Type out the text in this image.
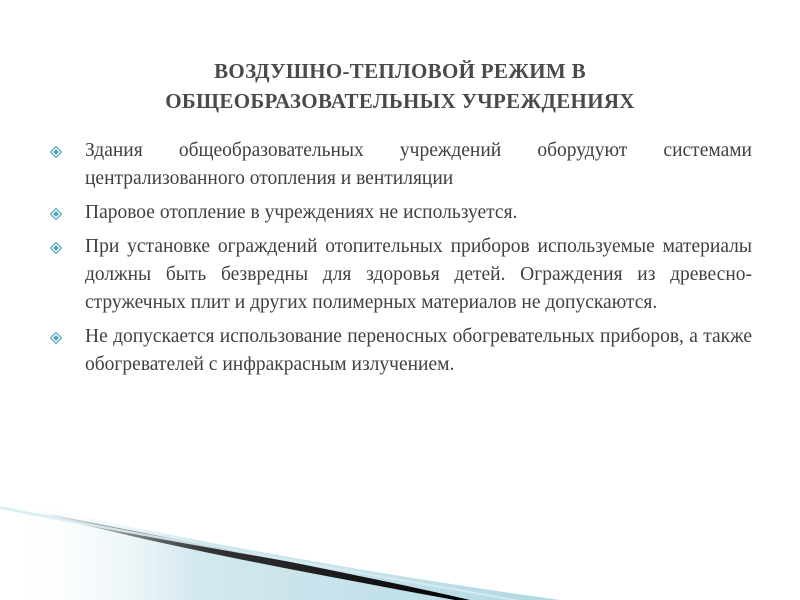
ВОЗДУШНО-ТЕПЛОВОЙ РЕЖИМ В
ОБЩЕОБРАЗОВАТЕЛЬНЫХ УЧРЕЖДЕНИЯХ
Здания общеобразовательных учреждений оборудуют системами централизованного отопления и вентиляции
Паровое отопление в учреждениях не используется.
При установке ограждений отопительных приборов используемые материалы должны быть безвредны для здоровья детей. Ограждения из древесно-стружечных плит и других полимерных материалов не допускаются.
Не допускается использование переносных обогревательных приборов, а также обогревателей с инфракрасным излучением.
